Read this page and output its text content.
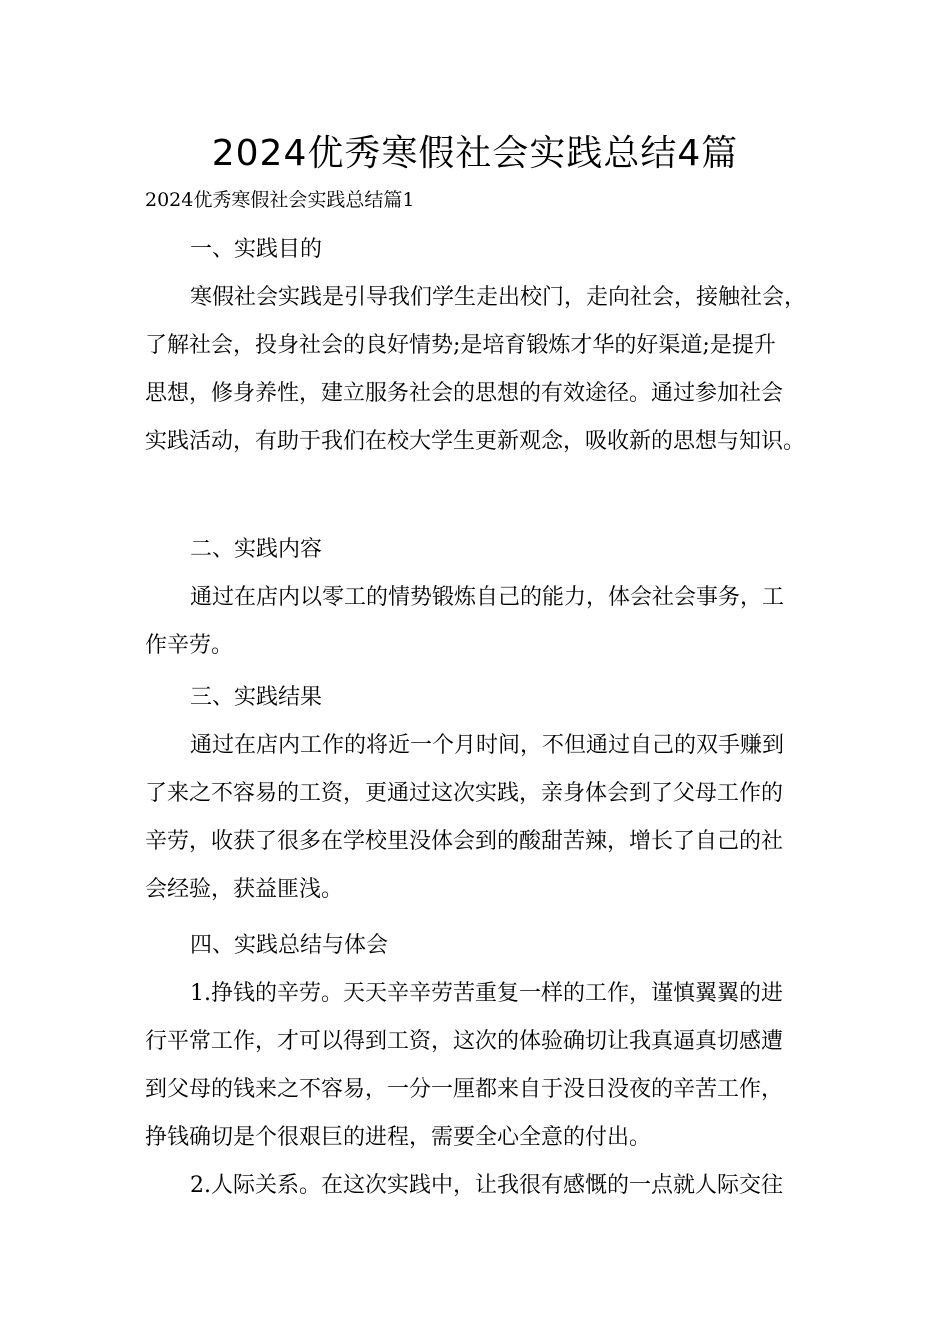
2024优秀寒假社会实践总结4篇
2024优秀寒假社会实践总结篇1
一、实践目的
寒假社会实践是引导我们学生走出校门，走向社会，接触社会，
了解社会，投身社会的良好情势;是培育锻炼才华的好渠道;是提升
思想，修身养性，建立服务社会的思想的有效途径。通过参加社会
实践活动，有助于我们在校大学生更新观念，吸收新的思想与知识。
二、实践内容
通过在店内以零工的情势锻炼自己的能力，体会社会事务，工
作辛劳。
三、实践结果
通过在店内工作的将近一个月时间，不但通过自己的双手赚到
了来之不容易的工资，更通过这次实践，亲身体会到了父母工作的
辛劳，收获了很多在学校里没体会到的酸甜苦辣，增长了自己的社
会经验，获益匪浅。
四、实践总结与体会
1.挣钱的辛劳。天天辛辛劳苦重复一样的工作，谨慎翼翼的进
行平常工作，才可以得到工资，这次的体验确切让我真逼真切感遭
到父母的钱来之不容易，一分一厘都来自于没日没夜的辛苦工作，
挣钱确切是个很艰巨的进程，需要全心全意的付出。
2.人际关系。在这次实践中，让我很有感慨的一点就人际交往
